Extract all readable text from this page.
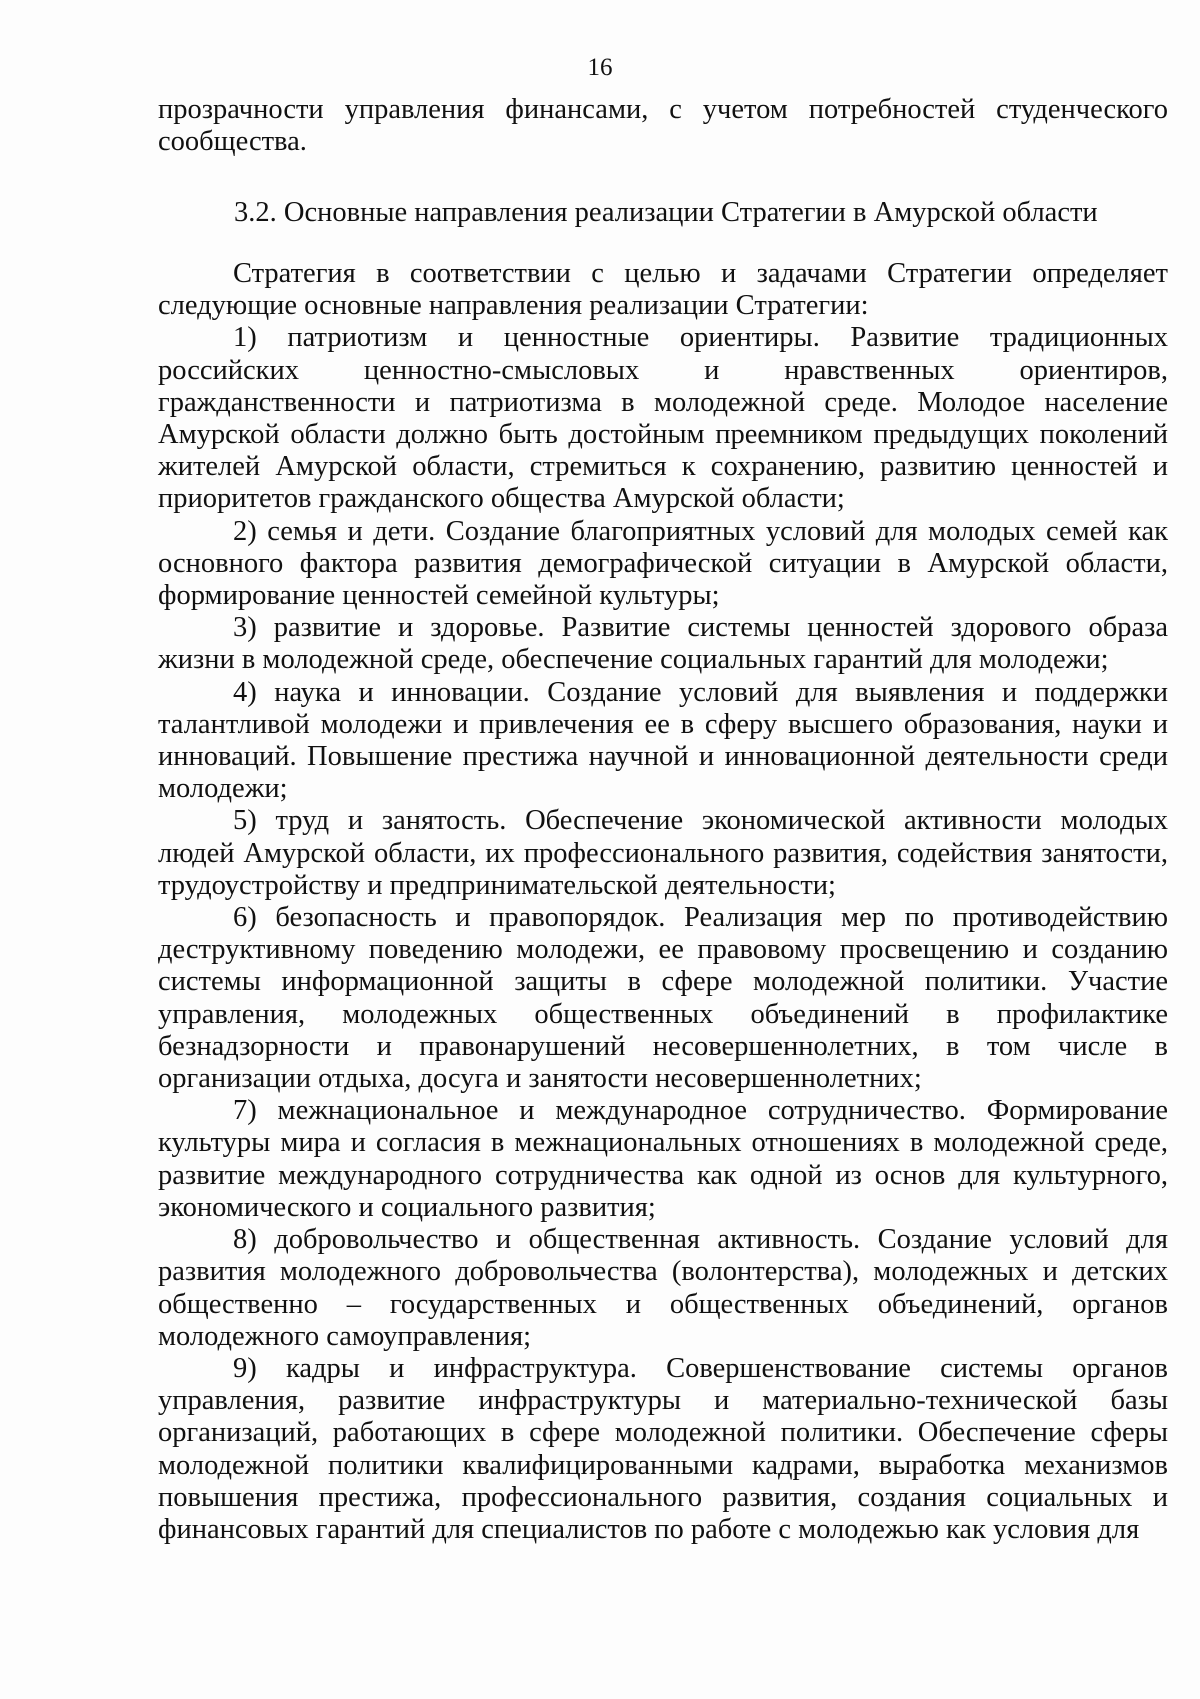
16
прозрачности управления финансами, с учетом потребностей студенческого сообщества.
3.2. Основные направления реализации Стратегии в Амурской области

Стратегия в соответствии с целью и задачами Стратегии определяет следующие основные направления реализации Стратегии:

1) патриотизм и ценностные ориентиры. Развитие традиционных российских ценностно-смысловых и нравственных ориентиров, гражданственности и патриотизма в молодежной среде. Молодое население Амурской области должно быть достойным преемником предыдущих поколений жителей Амурской области, стремиться к сохранению, развитию ценностей и приоритетов гражданского общества Амурской области;

2) семья и дети. Создание благоприятных условий для молодых семей как основного фактора развития демографической ситуации в Амурской области, формирование ценностей семейной культуры;

3) развитие и здоровье. Развитие системы ценностей здорового образа жизни в молодежной среде, обеспечение социальных гарантий для молодежи;

4) наука и инновации. Создание условий для выявления и поддержки талантливой молодежи и привлечения ее в сферу высшего образования, науки и инноваций. Повышение престижа научной и инновационной деятельности среди молодежи;

5) труд и занятость. Обеспечение экономической активности молодых людей Амурской области, их профессионального развития, содействия занятости, трудоустройству и предпринимательской деятельности;

6) безопасность и правопорядок. Реализация мер по противодействию деструктивному поведению молодежи, ее правовому просвещению и созданию системы информационной защиты в сфере молодежной политики. Участие управления, молодежных общественных объединений в профилактике безнадзорности и правонарушений несовершеннолетних, в том числе в организации отдыха, досуга и занятости несовершеннолетних;

7) межнациональное и международное сотрудничество. Формирование культуры мира и согласия в межнациональных отношениях в молодежной среде, развитие международного сотрудничества как одной из основ для культурного, экономического и социального развития;

8) добровольчество и общественная активность. Создание условий для развития молодежного добровольчества (волонтерства), молодежных и детских общественно – государственных и общественных объединений, органов молодежного самоуправления;

9) кадры и инфраструктура. Совершенствование системы органов управления, развитие инфраструктуры и материально-технической базы организаций, работающих в сфере молодежной политики. Обеспечение сферы молодежной политики квалифицированными кадрами, выработка механизмов повышения престижа, профессионального развития, создания социальных и финансовых гарантий для специалистов по работе с молодежью как условия для
